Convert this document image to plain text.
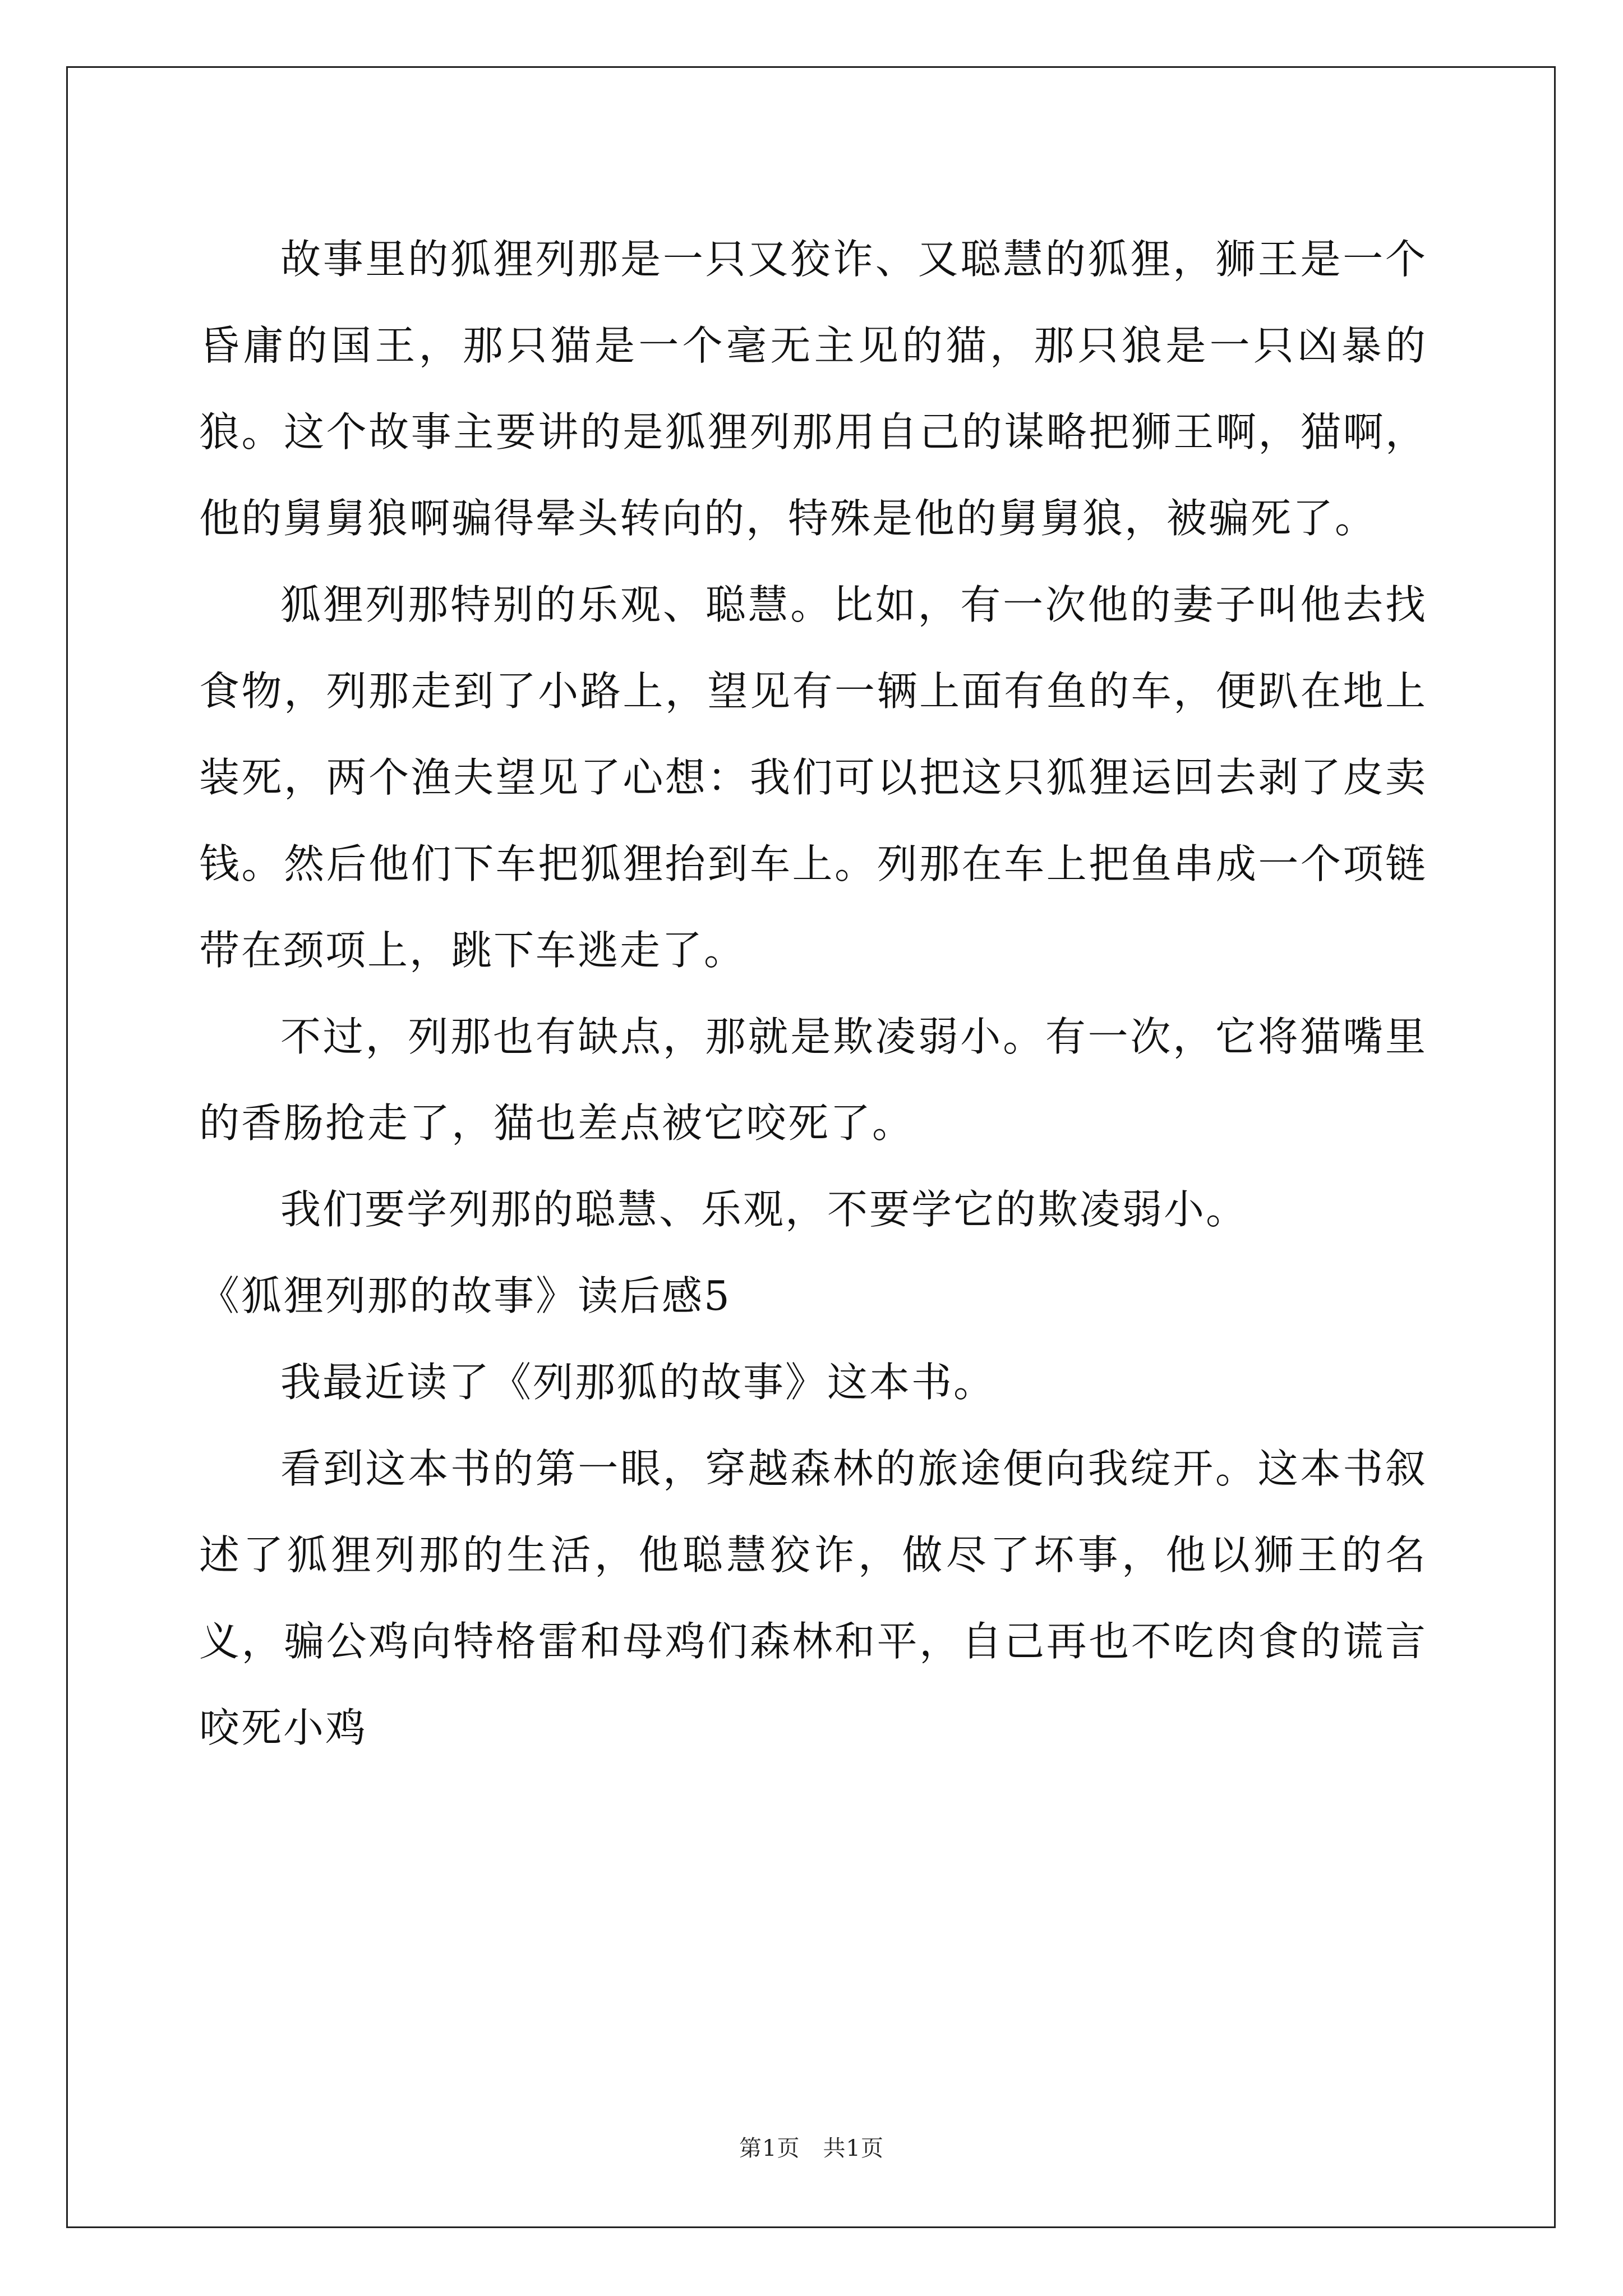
故事里的狐狸列那是一只又狡诈、又聪慧的狐狸，狮王是一个昏庸的国王，那只猫是一个毫无主见的猫，那只狼是一只凶暴的狼。这个故事主要讲的是狐狸列那用自己的谋略把狮王啊，猫啊，他的舅舅狼啊骗得晕头转向的，特殊是他的舅舅狼，被骗死了。

狐狸列那特别的乐观、聪慧。比如，有一次他的妻子叫他去找食物，列那走到了小路上，望见有一辆上面有鱼的车，便趴在地上装死，两个渔夫望见了心想：我们可以把这只狐狸运回去剥了皮卖钱。然后他们下车把狐狸抬到车上。列那在车上把鱼串成一个项链带在颈项上，跳下车逃走了。

不过，列那也有缺点，那就是欺凌弱小。有一次，它将猫嘴里的香肠抢走了，猫也差点被它咬死了。

我们要学列那的聪慧、乐观，不要学它的欺凌弱小。

《狐狸列那的故事》读后感5

我最近读了《列那狐的故事》这本书。

看到这本书的第一眼，穿越森林的旅途便向我绽开。这本书叙述了狐狸列那的生活，他聪慧狡诈，做尽了坏事，他以狮王的名义，骗公鸡向特格雷和母鸡们森林和平，自己再也不吃肉食的谎言咬死小鸡

第1页　共1页
